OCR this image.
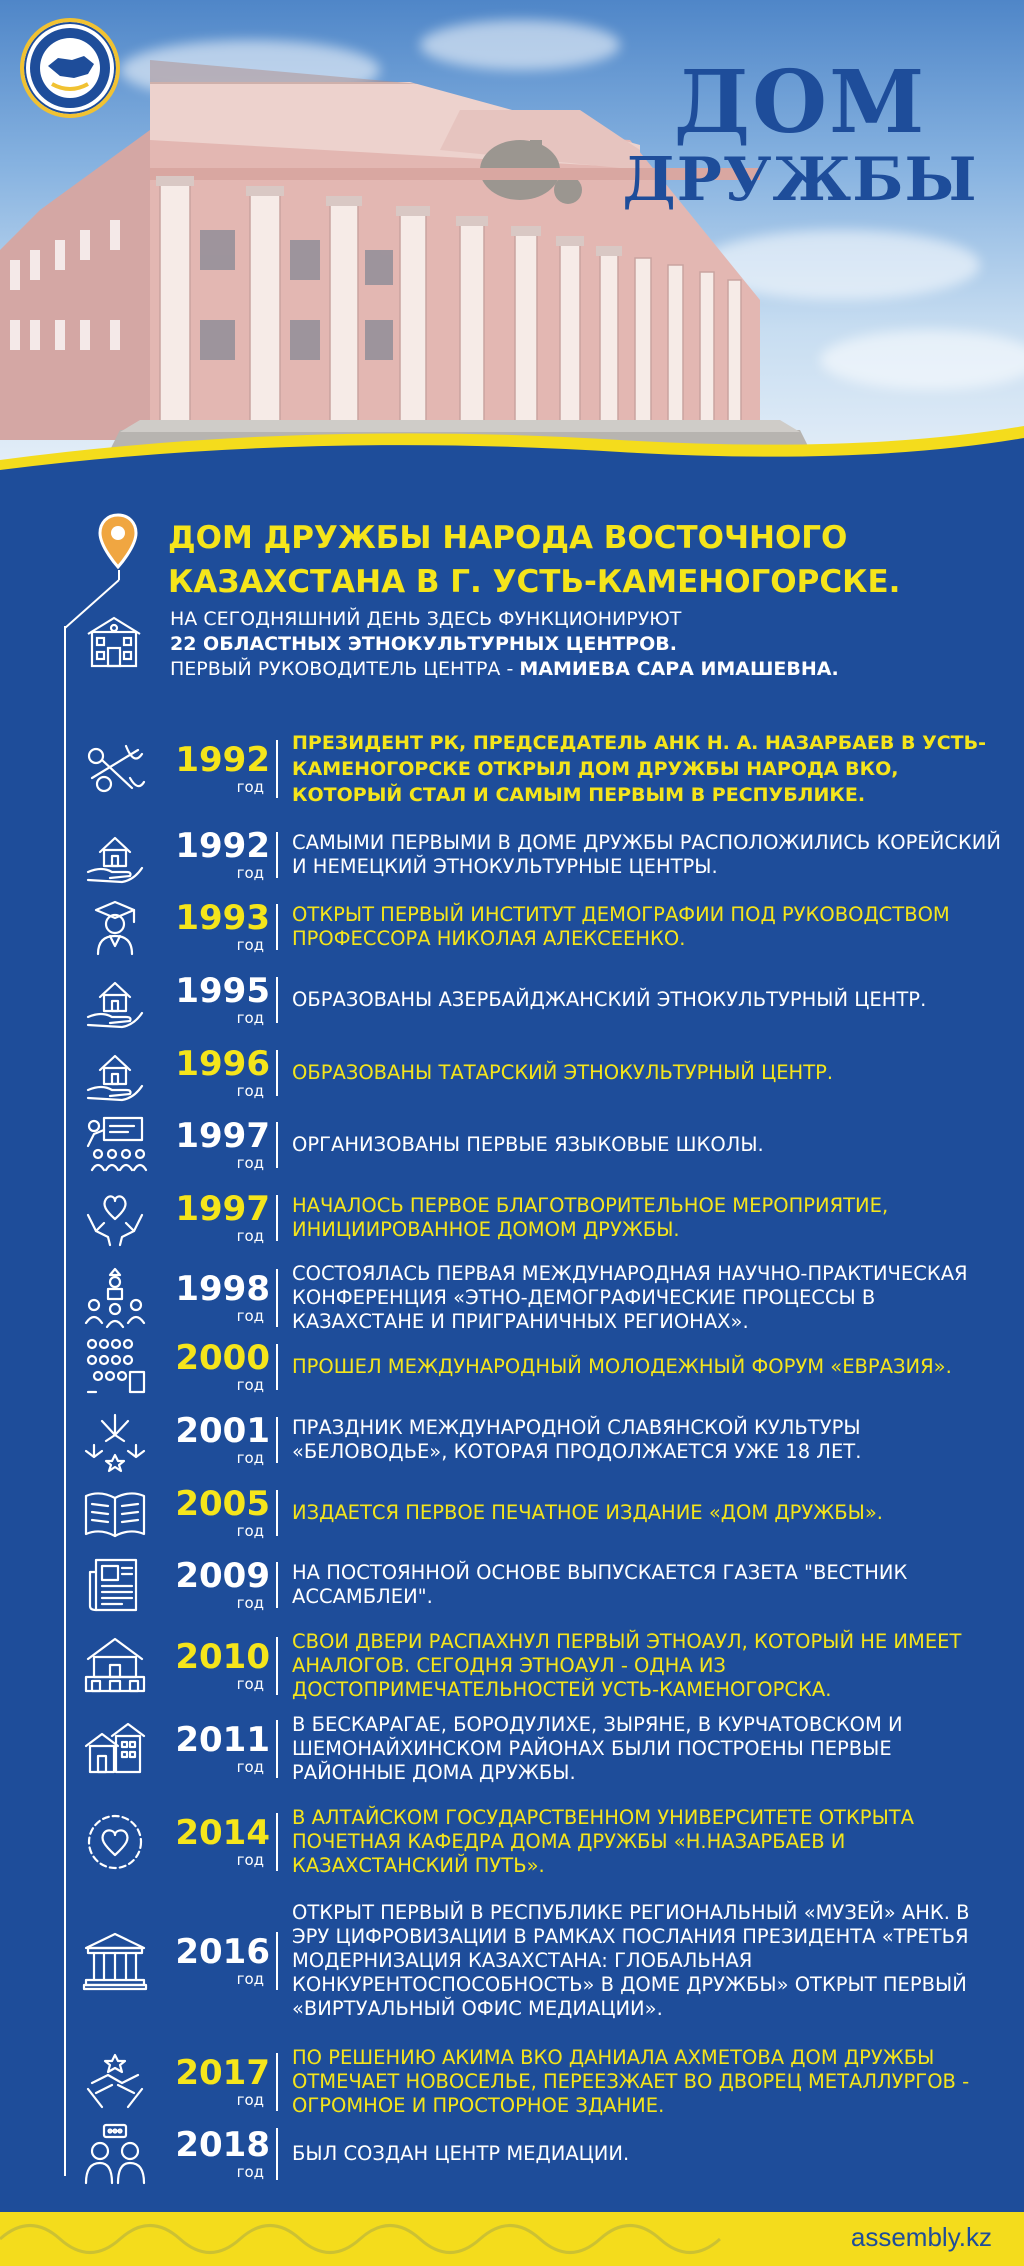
ДОМ
ДРУЖБЫ
ДОМ ДРУЖБЫ НАРОДА ВОСТОЧНОГО КАЗАХСТАНА В Г. УСТЬ-КАМЕНОГОРСКЕ.
НА СЕГОДНЯШНИЙ ДЕНЬ ЗДЕСЬ ФУНКЦИОНИРУЮТ
22 ОБЛАСТНЫХ ЭТНОКУЛЬТУРНЫХ ЦЕНТРОВ.
ПЕРВЫЙ РУКОВОДИТЕЛЬ ЦЕНТРА - МАМИЕВА САРА ИМАШЕВНА.
1992
год
ПРЕЗИДЕНТ РК, ПРЕДСЕДАТЕЛЬ АНК Н. А. НАЗАРБАЕВ В УСТЬ-КАМЕНОГОРСКЕ ОТКРЫЛ ДОМ ДРУЖБЫ НАРОДА ВКО, КОТОРЫЙ СТАЛ И САМЫМ ПЕРВЫМ В РЕСПУБЛИКЕ.
1992
год
САМЫМИ ПЕРВЫМИ В ДОМЕ ДРУЖБЫ РАСПОЛОЖИЛИСЬ КОРЕЙСКИЙ И НЕМЕЦКИЙ ЭТНОКУЛЬТУРНЫЕ ЦЕНТРЫ.
1993
год
ОТКРЫТ ПЕРВЫЙ ИНСТИТУТ ДЕМОГРАФИИ ПОД РУКОВОДСТВОМ ПРОФЕССОРА НИКОЛАЯ АЛЕКСЕЕНКО.
1995
год
ОБРАЗОВАНЫ АЗЕРБАЙДЖАНСКИЙ ЭТНОКУЛЬТУРНЫЙ ЦЕНТР.
1996
год
ОБРАЗОВАНЫ ТАТАРСКИЙ ЭТНОКУЛЬТУРНЫЙ ЦЕНТР.
1997
год
ОРГАНИЗОВАНЫ ПЕРВЫЕ ЯЗЫКОВЫЕ ШКОЛЫ.
1997
год
НАЧАЛОСЬ ПЕРВОЕ БЛАГОТВОРИТЕЛЬНОЕ МЕРОПРИЯТИЕ, ИНИЦИИРОВАННОЕ ДОМОМ ДРУЖБЫ.
1998
год
СОСТОЯЛАСЬ ПЕРВАЯ МЕЖДУНАРОДНАЯ НАУЧНО-ПРАКТИЧЕСКАЯ КОНФЕРЕНЦИЯ «ЭТНО-ДЕМОГРАФИЧЕСКИЕ ПРОЦЕССЫ В КАЗАХСТАНЕ И ПРИГРАНИЧНЫХ РЕГИОНАХ».
2000
год
ПРОШЕЛ МЕЖДУНАРОДНЫЙ МОЛОДЕЖНЫЙ ФОРУМ «ЕВРАЗИЯ».
2001
год
ПРАЗДНИК МЕЖДУНАРОДНОЙ СЛАВЯНСКОЙ КУЛЬТУРЫ «БЕЛОВОДЬЕ», КОТОРАЯ ПРОДОЛЖАЕТСЯ УЖЕ 18 ЛЕТ.
2005
год
ИЗДАЕТСЯ ПЕРВОЕ ПЕЧАТНОЕ ИЗДАНИЕ «ДОМ ДРУЖБЫ».
2009
год
НА ПОСТОЯННОЙ ОСНОВЕ ВЫПУСКАЕТСЯ ГАЗЕТА "ВЕСТНИК АССАМБЛЕИ".
2010
год
СВОИ ДВЕРИ РАСПАХНУЛ ПЕРВЫЙ ЭТНОАУЛ, КОТОРЫЙ НЕ ИМЕЕТ АНАЛОГОВ. СЕГОДНЯ ЭТНОАУЛ - ОДНА ИЗ ДОСТОПРИМЕЧАТЕЛЬНОСТЕЙ УСТЬ-КАМЕНОГОРСКА.
2011
год
В БЕСКАРАГАЕ, БОРОДУЛИХЕ, ЗЫРЯНЕ, В КУРЧАТОВСКОМ И ШЕМОНАЙХИНСКОМ РАЙОНАХ БЫЛИ ПОСТРОЕНЫ ПЕРВЫЕ РАЙОННЫЕ ДОМА ДРУЖБЫ.
2014
год
В АЛТАЙСКОМ ГОСУДАРСТВЕННОМ УНИВЕРСИТЕТЕ ОТКРЫТА ПОЧЕТНАЯ КАФЕДРА ДОМА ДРУЖБЫ «Н.НАЗАРБАЕВ И КАЗАХСТАНСКИЙ ПУТЬ».
2016
год
ОТКРЫТ ПЕРВЫЙ В РЕСПУБЛИКЕ РЕГИОНАЛЬНЫЙ «МУЗЕЙ» АНК. В ЭРУ ЦИФРОВИЗАЦИИ В РАМКАХ ПОСЛАНИЯ ПРЕЗИДЕНТА «ТРЕТЬЯ МОДЕРНИЗАЦИЯ КАЗАХСТАНА: ГЛОБАЛЬНАЯ КОНКУРЕНТОСПОСОБНОСТЬ» В ДОМЕ ДРУЖБЫ» ОТКРЫТ ПЕРВЫЙ «ВИРТУАЛЬНЫЙ ОФИС МЕДИАЦИИ».
2017
год
ПО РЕШЕНИЮ АКИМА ВКО ДАНИАЛА АХМЕТОВА ДОМ ДРУЖБЫ ОТМЕЧАЕТ НОВОСЕЛЬЕ, ПЕРЕЕЗЖАЕТ ВО ДВОРЕЦ МЕТАЛЛУРГОВ - ОГРОМНОЕ И ПРОСТОРНОЕ ЗДАНИЕ.
2018
год
БЫЛ СОЗДАН ЦЕНТР МЕДИАЦИИ.
assembly.kz
